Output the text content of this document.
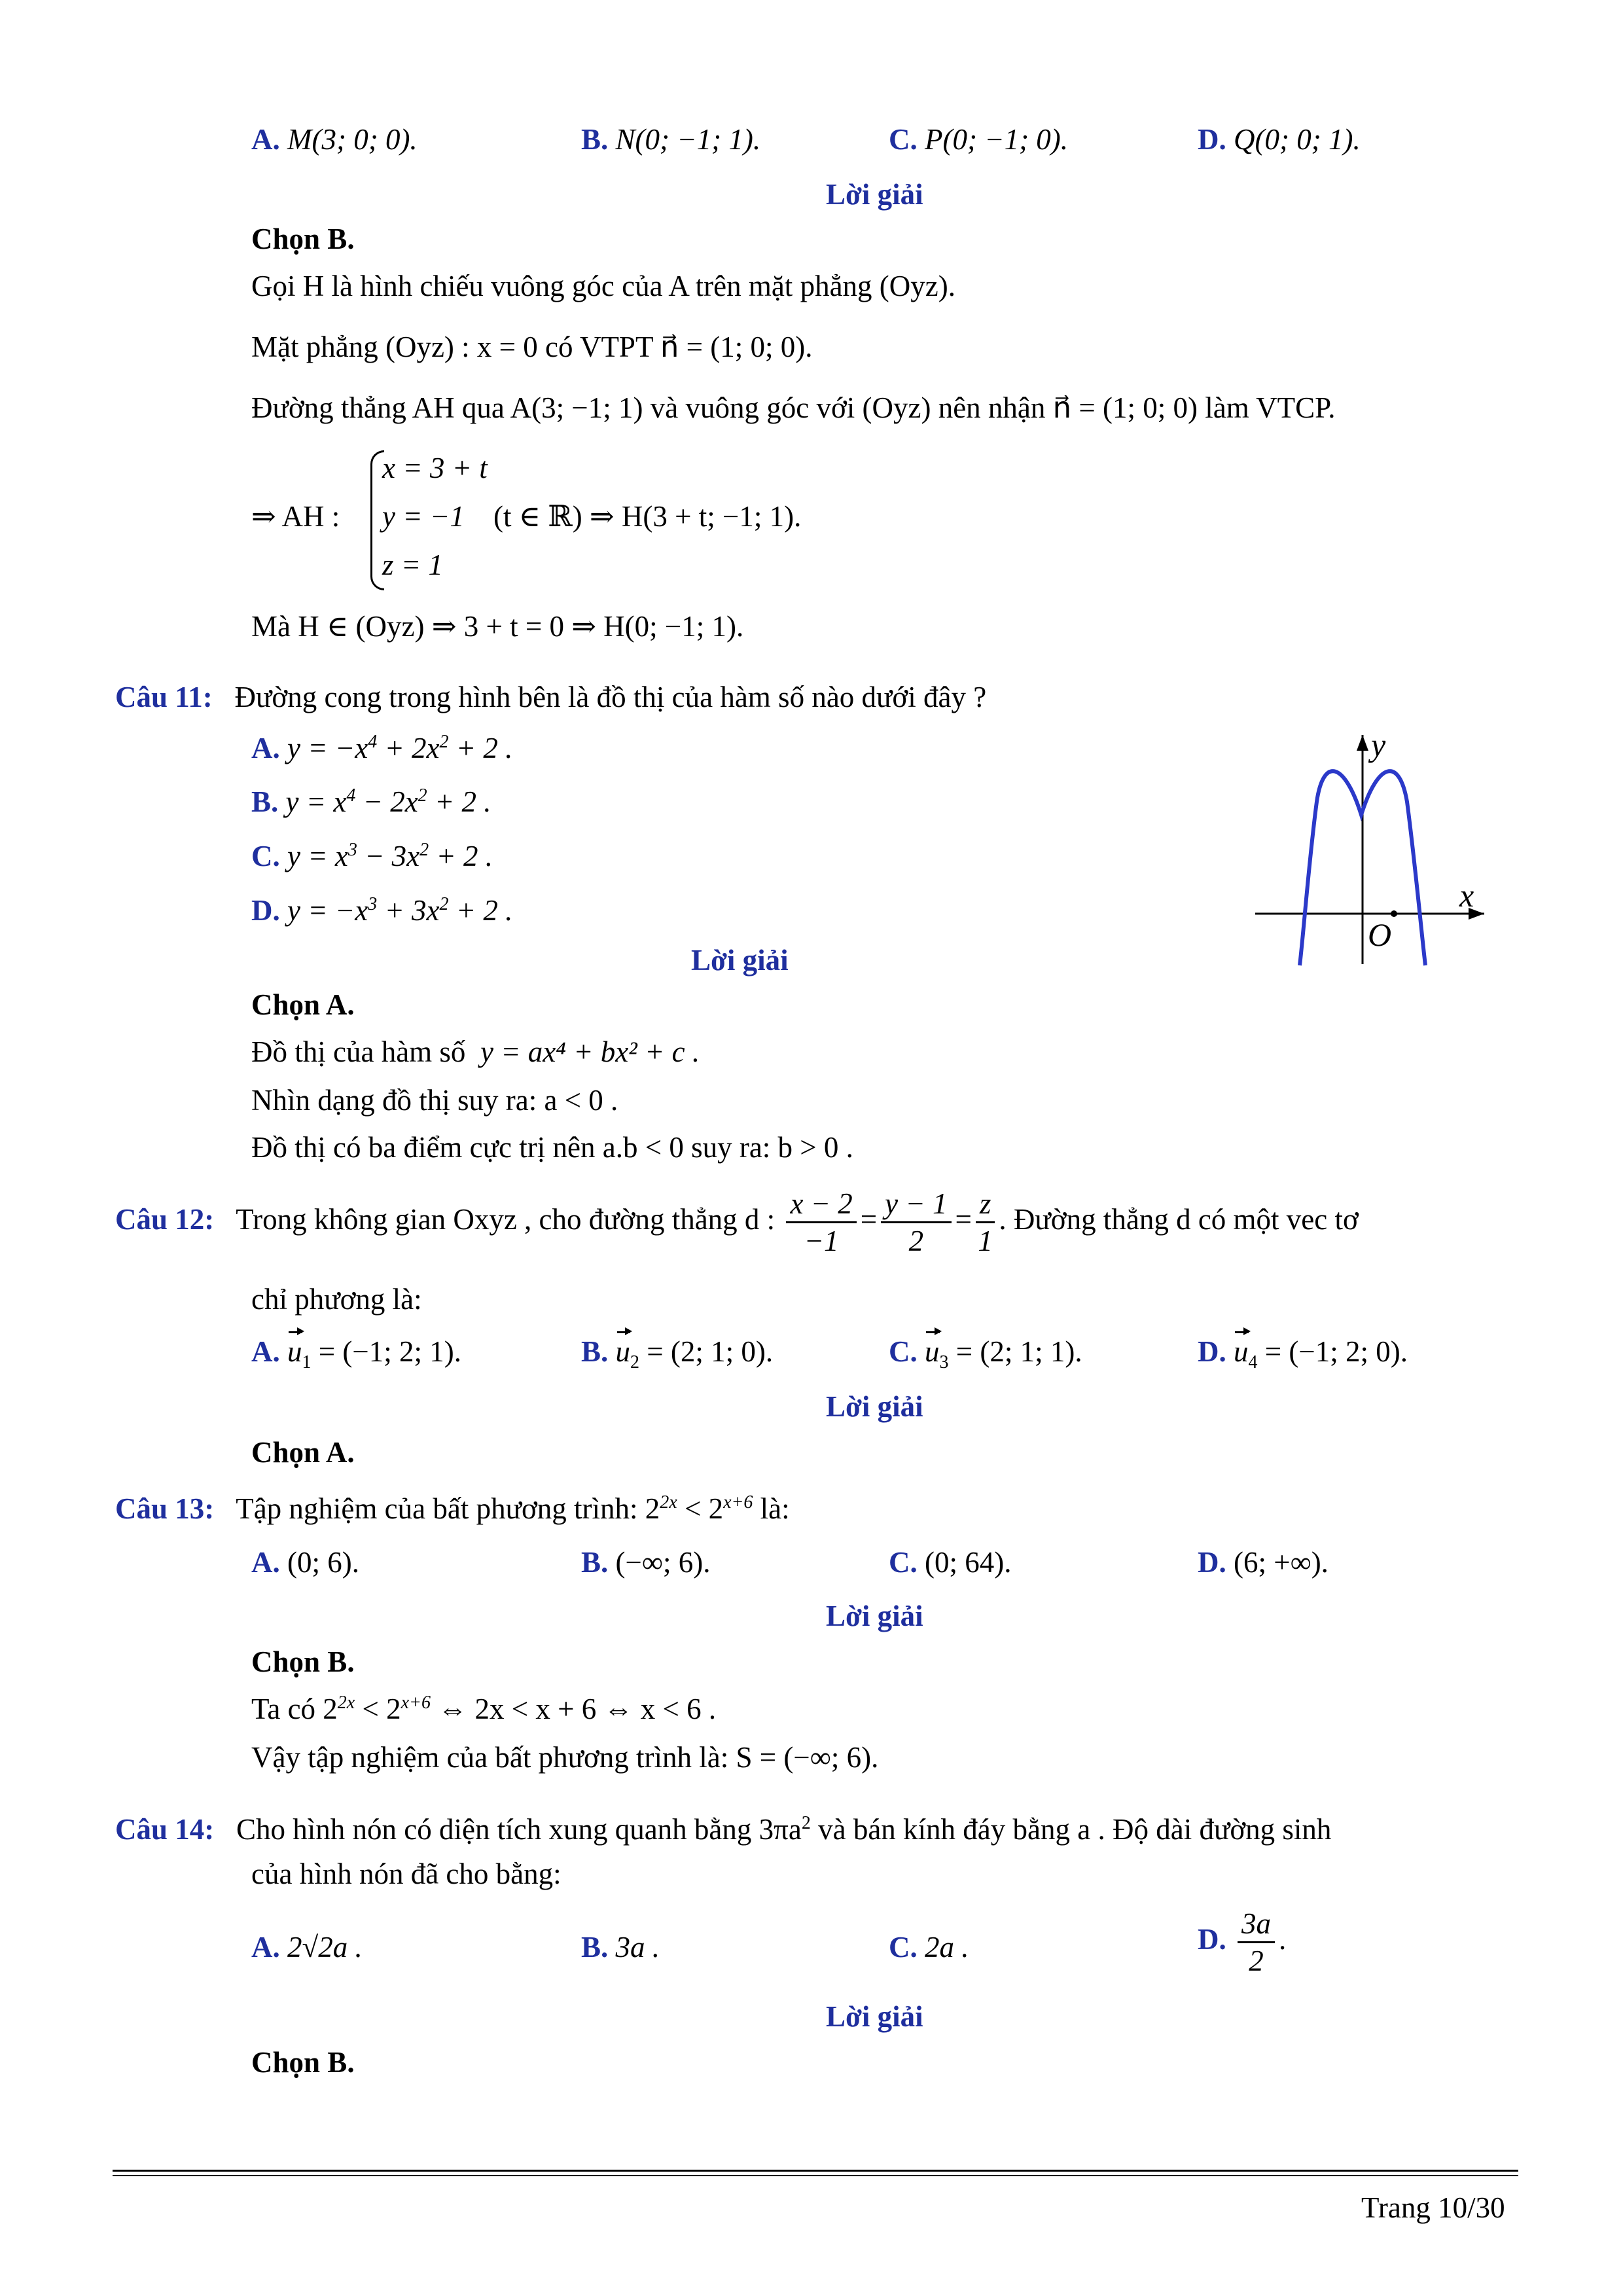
A. M(3; 0; 0).	B. N(0; −1; 1).	C. P(0; −1; 0).	D. Q(0; 0; 1).
Lời giải
Chọn B.
Gọi H là hình chiếu vuông góc của A trên mặt phẳng (Oyz).
Mặt phẳng (Oyz) : x = 0 có VTPT n⃗ = (1; 0; 0).
Đường thẳng AH qua A(3; −1; 1) và vuông góc với (Oyz) nên nhận n⃗ = (1; 0; 0) làm VTCP.
⇒ AH :
x = 3 + t
y = −1
z = 1
(t ∈ ℝ) ⇒ H(3 + t; −1; 1).
Mà H ∈ (Oyz) ⇒ 3 + t = 0 ⇒ H(0; −1; 1).
Câu 11: Đường cong trong hình bên là đồ thị của hàm số nào dưới đây ?
A. $y = -x^4 + 2x^2 + 2$ .
B. $y = x^4 - 2x^2 + 2$ .
C. $y = x^3 - 3x^2 + 2$ .
D. $y = -x^3 + 3x^2 + 2$ .
y
x
O
Lời giải
Chọn A.
Đồ thị của hàm số y = ax⁴ + bx² + c .
Nhìn dạng đồ thị suy ra: a < 0 .
Đồ thị có ba điểm cực trị nên a.b < 0 suy ra: b > 0 .
Câu 12: Trong không gian Oxyz , cho đường thẳng d : $\frac{x - 2}{-1} = \frac{y - 1}{2} = \frac{z}{1}$ . Đường thẳng d có một vec tơ
chỉ phương là:
A. $u_1 = (-1$; 2; 1).	B. $u_2 = (2$; 1; 0).	C. $u_3 = (2$; 1; 1).	D. $u_4 = (-1$; 2; 0).
Lời giải
Chọn A.
Câu 13: Tập nghiệm của bất phương trình: $2^{2x} < 2^{x+6}$ là:
A. (0; 6).	B. (−∞; 6).	C. (0; 64).	D. (6; +∞).
Lời giải
Chọn B.
Ta có $2^{2x} < 2^{x+6}$ ⇔ 2x < x + 6 ⇔ x < 6 .
Vậy tập nghiệm của bất phương trình là: S = (−∞; 6).
Câu 14: Cho hình nón có diện tích xung quanh bằng $3\pi a^2$ và bán kính đáy bằng a . Độ dài đường sinh
của hình nón đã cho bằng:
A. 2√2a .	B. 3a .	C. 2a .	D. $\frac{3a}{2}$ .
Lời giải
Chọn B.
Trang 10/30
